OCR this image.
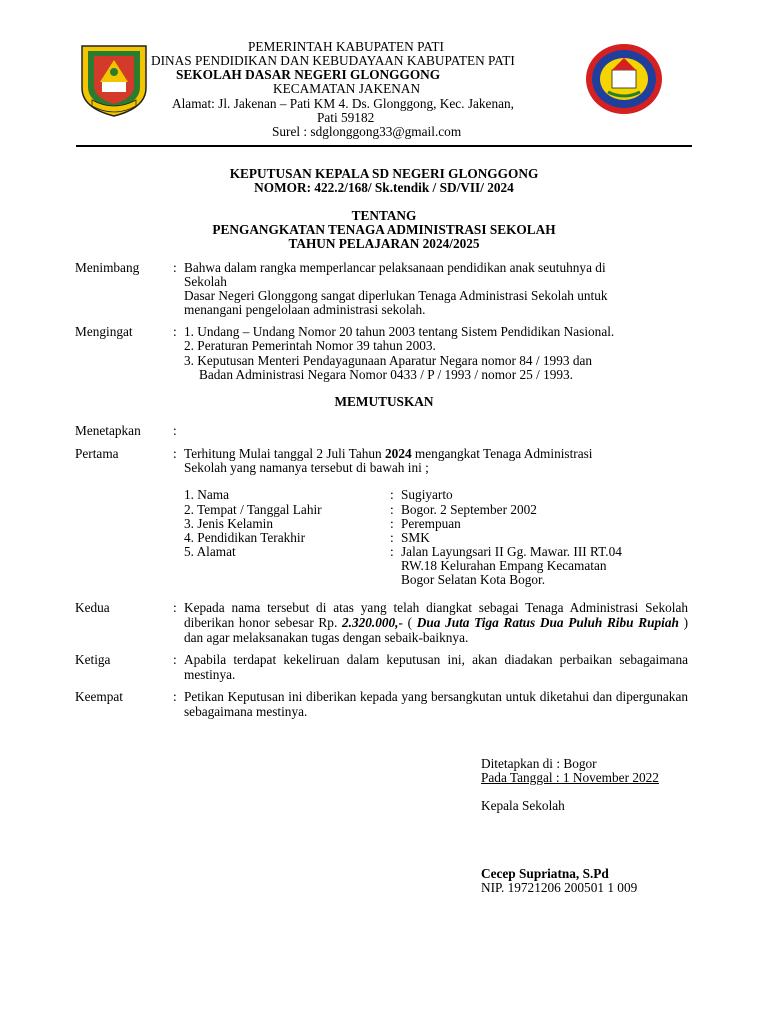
PEMERINTAH KABUPATEN PATI
DINAS PENDIDIKAN DAN KEBUDAYAAN KABUPATEN PATI
SEKOLAH DASAR NEGERI GLONGGONG
KECAMATAN JAKENAN
Alamat: Jl. Jakenan – Pati KM 4. Ds. Glonggong, Kec. Jakenan,
Pati 59182
Surel : sdglonggong33@gmail.com
KEPUTUSAN KEPALA SD NEGERI GLONGGONG
NOMOR: 422.2/168/ Sk.tendik / SD/VII/ 2024
TENTANG
PENGANGKATAN TENAGA ADMINISTRASI SEKOLAH
TAHUN PELAJARAN 2024/2025
Menimbang	: Bahwa dalam rangka memperlancar pelaksanaan pendidikan anak seutuhnya di
Sekolah
Dasar Negeri Glonggong sangat diperlukan Tenaga Administrasi Sekolah untuk
menangani pengelolaan administrasi sekolah.
Mengingat	: 1. Undang – Undang Nomor 20 tahun 2003 tentang Sistem Pendidikan Nasional.
2. Peraturan Pemerintah Nomor 39 tahun 2003.
3. Keputusan Menteri Pendayagunaan Aparatur Negara nomor 84 / 1993 dan
Badan Administrasi Negara Nomor 0433 / P / 1993 / nomor 25 / 1993.
MEMUTUSKAN
Menetapkan :
Pertama	: Terhitung Mulai tanggal 2 Juli Tahun 2024 mengangkat Tenaga Administrasi
Sekolah yang namanya tersebut di bawah ini ;
1. Nama	: Sugiyarto
2. Tempat / Tanggal Lahir	: Bogor. 2 September 2002
3. Jenis Kelamin	: Perempuan
4. Pendidikan Terakhir	: SMK
5. Alamat	: Jalan Layungsari II Gg. Mawar. III RT.04
RW.18 Kelurahan Empang Kecamatan
Bogor Selatan Kota Bogor.
Kedua	: Kepada nama tersebut di atas yang telah diangkat sebagai Tenaga Administrasi Sekolah diberikan honor sebesar Rp. 2.320.000,- ( Dua Juta Tiga Ratus Dua Puluh Ribu Rupiah ) dan agar melaksanakan tugas dengan sebaik-baiknya.
Ketiga	: Apabila terdapat kekeliruan dalam keputusan ini, akan diadakan perbaikan sebagaimana mestinya.
Keempat	: Petikan Keputusan ini diberikan kepada yang bersangkutan untuk diketahui dan dipergunakan sebagaimana mestinya.
Ditetapkan di : Bogor
Pada Tanggal : 1 November 2022
Kepala Sekolah
Cecep Supriatna, S.Pd
NIP. 19721206 200501 1 009
